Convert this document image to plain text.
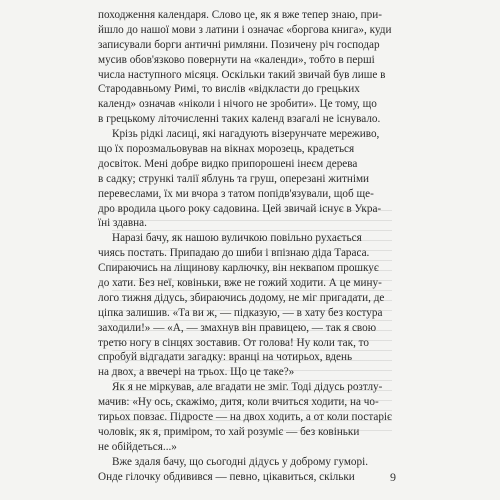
походження календаря. Слово це, як я вже тепер знаю, при-
йшло до нашої мови з латини і означає «боргова книга», куди
записували борги античні римляни. Позичену річ господар
мусив обов'язково повернути на «календи», тобто в перші
числа наступного місяця. Оскільки такий звичай був лише в
Стародавньому Римі, то вислів «відкласти до грецьких
календ» означав «ніколи і нічого не зробити». Це тому, що
в грецькому літочисленні таких календ взагалі не існувало.
Крізь рідкі ласиці, які нагадують візерунчате мереживо,
що їх порозмальовував на вікнах морозець, крадеться
досвіток. Мені добре видко припорошені інеєм дерева
в садку; стрункі талії яблунь та груш, оперезані житніми
перевеслами, їх ми вчора з татом попідв'язували, щоб ще-
дро вродила цього року садовина. Цей звичай існує в Укра-
їні здавна.
Наразі бачу, як нашою вуличкою повільно рухається
чиясь постать. Припадаю до шиби і впізнаю діда Тараса.
Спираючись на ліщинову карлючку, він неквапом прошкує
до хати. Без неї, ковіньки, вже не гожий ходити. А це мину-
лого тижня дідусь, збираючись додому, не міг пригадати, де
ціпка залишив. «Та ви ж, — підказую, — в хату без костура
заходили!» — «А, — змахнув він правицею, — так я свою
третю ногу в сінцях зоставив. От голова! Ну коли так, то
спробуй відгадати загадку: вранці на чотирьох, вдень
на двох, а ввечері на трьох. Що це таке?»
Як я не міркував, але вгадати не зміг. Тоді дідусь розтлу-
мачив: «Ну ось, скажімо, дитя, коли вчиться ходити, на чо-
тирьох повзає. Підросте — на двох ходить, а от коли постаріє
чоловік, як я, приміром, то хай розуміє — без ковіньки
не обійдеться...»
Вже здаля бачу, що сьогодні дідусь у доброму гуморі.
Онде гілочку обдивився — певно, цікавиться, скільки	9
